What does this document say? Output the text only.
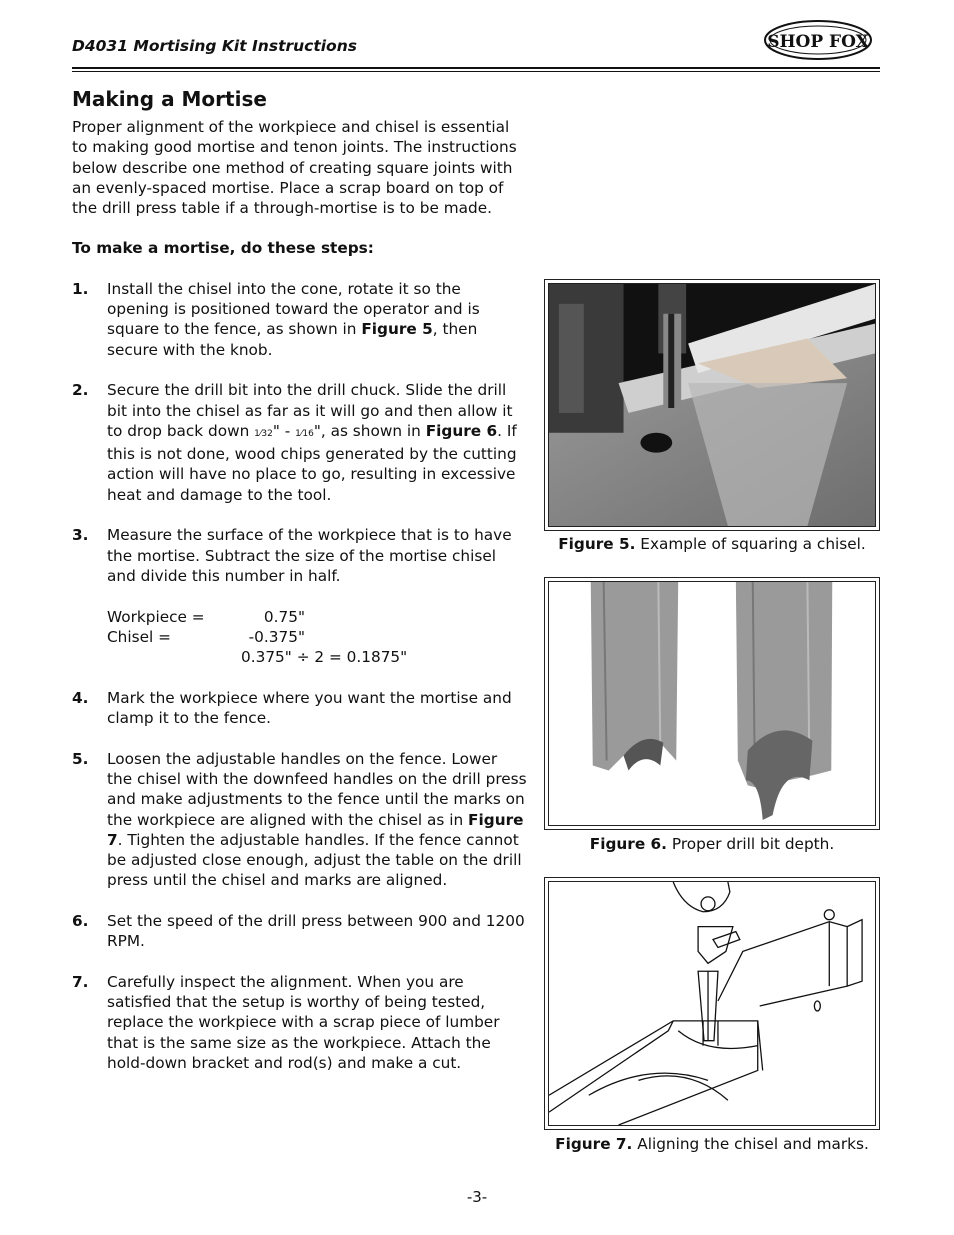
D4031 Mortising Kit Instructions	SHOP FOX
Making a Mortise

Proper alignment of the workpiece and chisel is essential to making good mortise and tenon joints. The instructions below describe one method of creating square joints with an evenly-spaced mortise. Place a scrap board on top of the drill press table if a through-mortise is to be made.

To make a mortise, do these steps:

1.	Install the chisel into the cone, rotate it so the opening is positioned toward the operator and is square to the fence, as shown in Figure 5, then secure with the knob.
2.	Secure the drill bit into the drill chuck. Slide the drill bit into the chisel as far as it will go and then allow it to drop back down 1⁄32" - 1⁄16", as shown in Figure 6. If this is not done, wood chips generated by the cutting action will have no place to go, resulting in excessive heat and damage to the tool.
3.	Measure the surface of the workpiece that is to have the mortise. Subtract the size of the mortise chisel and divide this number in half.
Workpiece =	0.75"
Chisel =	-0.375"
0.375" ÷ 2 = 0.1875"
4.	Mark the workpiece where you want the mortise and clamp it to the fence.
5.	Loosen the adjustable handles on the fence. Lower the chisel with the downfeed handles on the drill press and make adjustments to the fence until the marks on the workpiece are aligned with the chisel as in Figure 7. Tighten the adjustable handles. If the fence cannot be adjusted close enough, adjust the table on the drill press until the chisel and marks are aligned.
6.	Set the speed of the drill press between 900 and 1200 RPM.
7.	Carefully inspect the alignment. When you are satisfied that the setup is worthy of being tested, replace the workpiece with a scrap piece of lumber that is the same size as the workpiece. Attach the hold-down bracket and rod(s) and make a cut.
Figure 5. Example of squaring a chisel.
Figure 6. Proper drill bit depth.
Figure 7. Aligning the chisel and marks.
-3-
